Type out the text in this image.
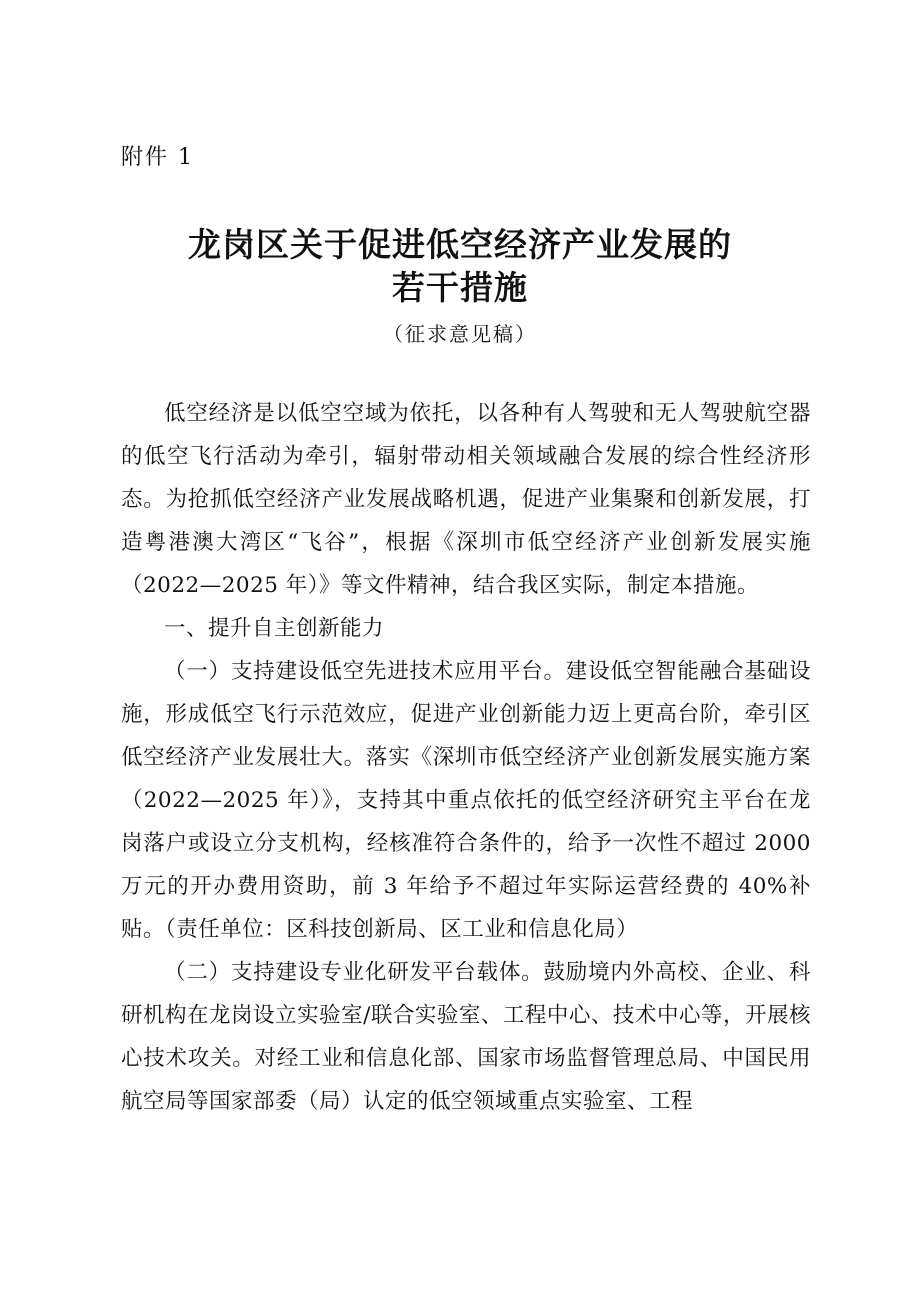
附件 1
龙岗区关于促进低空经济产业发展的
若干措施
（征求意见稿）

低空经济是以低空空域为依托，以各种有人驾驶和无人驾驶航空器的低空飞行活动为牵引，辐射带动相关领域融合发展的综合性经济形态。为抢抓低空经济产业发展战略机遇，促进产业集聚和创新发展，打造粤港澳大湾区“飞谷”，根据《深圳市低空经济产业创新发展实施（2022—2025 年）》等文件精神，结合我区实际，制定本措施。

一、提升自主创新能力

（一）支持建设低空先进技术应用平台。建设低空智能融合基础设施，形成低空飞行示范效应，促进产业创新能力迈上更高台阶，牵引区低空经济产业发展壮大。落实《深圳市低空经济产业创新发展实施方案（2022—2025 年）》，支持其中重点依托的低空经济研究主平台在龙岗落户或设立分支机构，经核准符合条件的，给予一次性不超过 2000 万元的开办费用资助，前 3 年给予不超过年实际运营经费的 40%补贴。（责任单位：区科技创新局、区工业和信息化局）

（二）支持建设专业化研发平台载体。鼓励境内外高校、企业、科研机构在龙岗设立实验室/联合实验室、工程中心、技术中心等，开展核心技术攻关。对经工业和信息化部、国家市场监督管理总局、中国民用航空局等国家部委（局）认定的低空领域重点实验室、工程
